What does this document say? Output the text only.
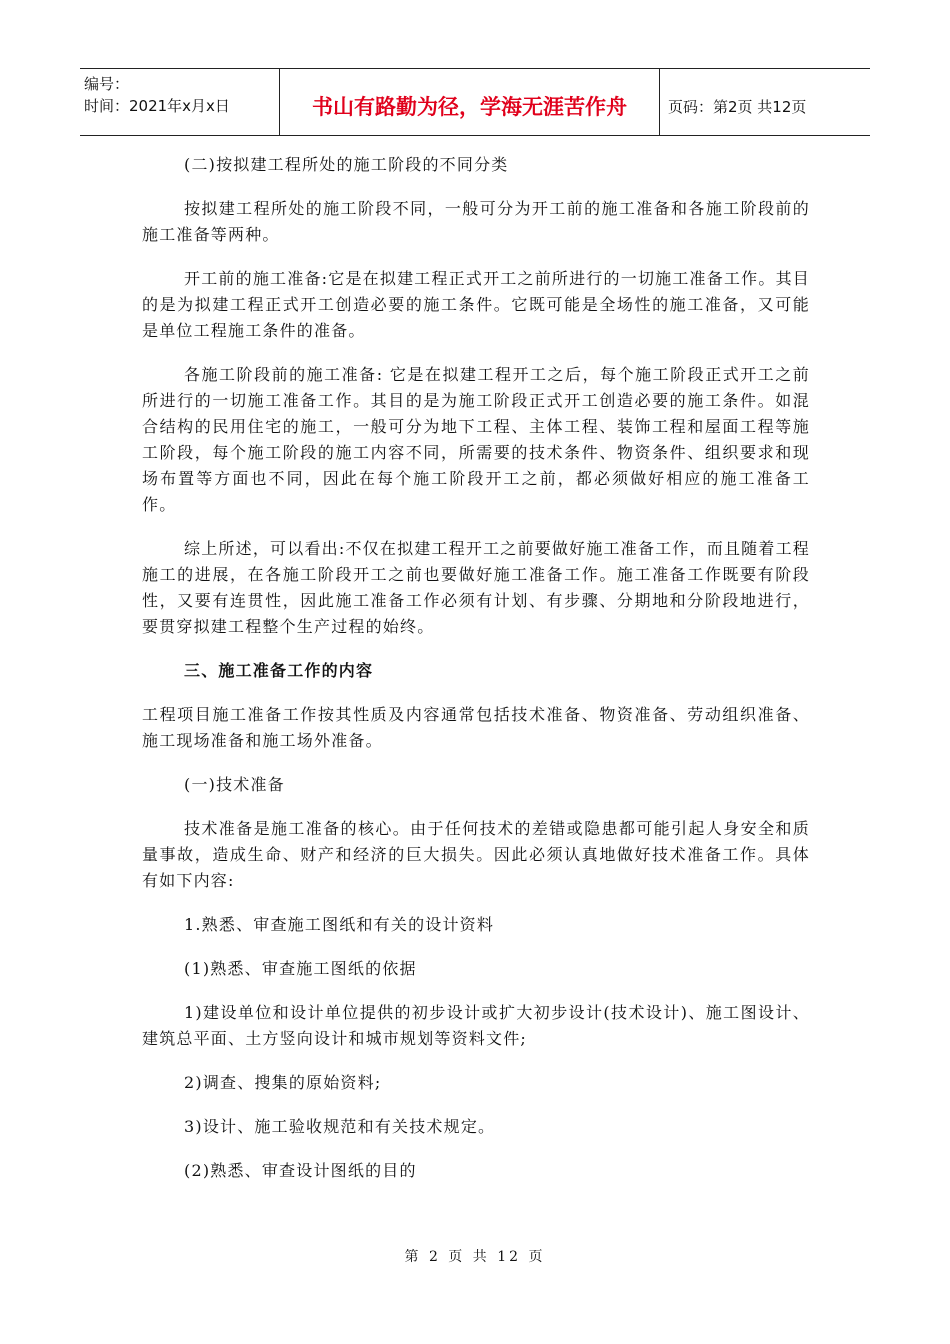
编号：
时间：2021年x月x日	书山有路勤为径，学海无涯苦作舟	页码：第2页 共12页

(二)按拟建工程所处的施工阶段的不同分类

按拟建工程所处的施工阶段不同，一般可分为开工前的施工准备和各施工阶段前的施工准备等两种。

开工前的施工准备:它是在拟建工程正式开工之前所进行的一切施工准备工作。其目的是为拟建工程正式开工创造必要的施工条件。它既可能是全场性的施工准备，又可能是单位工程施工条件的准备。

各施工阶段前的施工准备: 它是在拟建工程开工之后，每个施工阶段正式开工之前所进行的一切施工准备工作。其目的是为施工阶段正式开工创造必要的施工条件。如混合结构的民用住宅的施工，一般可分为地下工程、主体工程、装饰工程和屋面工程等施工阶段，每个施工阶段的施工内容不同，所需要的技术条件、物资条件、组织要求和现场布置等方面也不同，因此在每个施工阶段开工之前，都必须做好相应的施工准备工作。

综上所述，可以看出:不仅在拟建工程开工之前要做好施工准备工作，而且随着工程施工的进展，在各施工阶段开工之前也要做好施工准备工作。施工准备工作既要有阶段性，又要有连贯性，因此施工准备工作必须有计划、有步骤、分期地和分阶段地进行，要贯穿拟建工程整个生产过程的始终。

三、施工准备工作的内容

工程项目施工准备工作按其性质及内容通常包括技术准备、物资准备、劳动组织准备、施工现场准备和施工场外准备。

(一)技术准备

技术准备是施工准备的核心。由于任何技术的差错或隐患都可能引起人身安全和质量事故，造成生命、财产和经济的巨大损失。因此必须认真地做好技术准备工作。具体有如下内容:

1.熟悉、审查施工图纸和有关的设计资料

(1)熟悉、审查施工图纸的依据

1)建设单位和设计单位提供的初步设计或扩大初步设计(技术设计)、施工图设计、建筑总平面、土方竖向设计和城市规划等资料文件;

2)调查、搜集的原始资料;

3)设计、施工验收规范和有关技术规定。

(2)熟悉、审查设计图纸的目的

第 2 页 共 12 页
